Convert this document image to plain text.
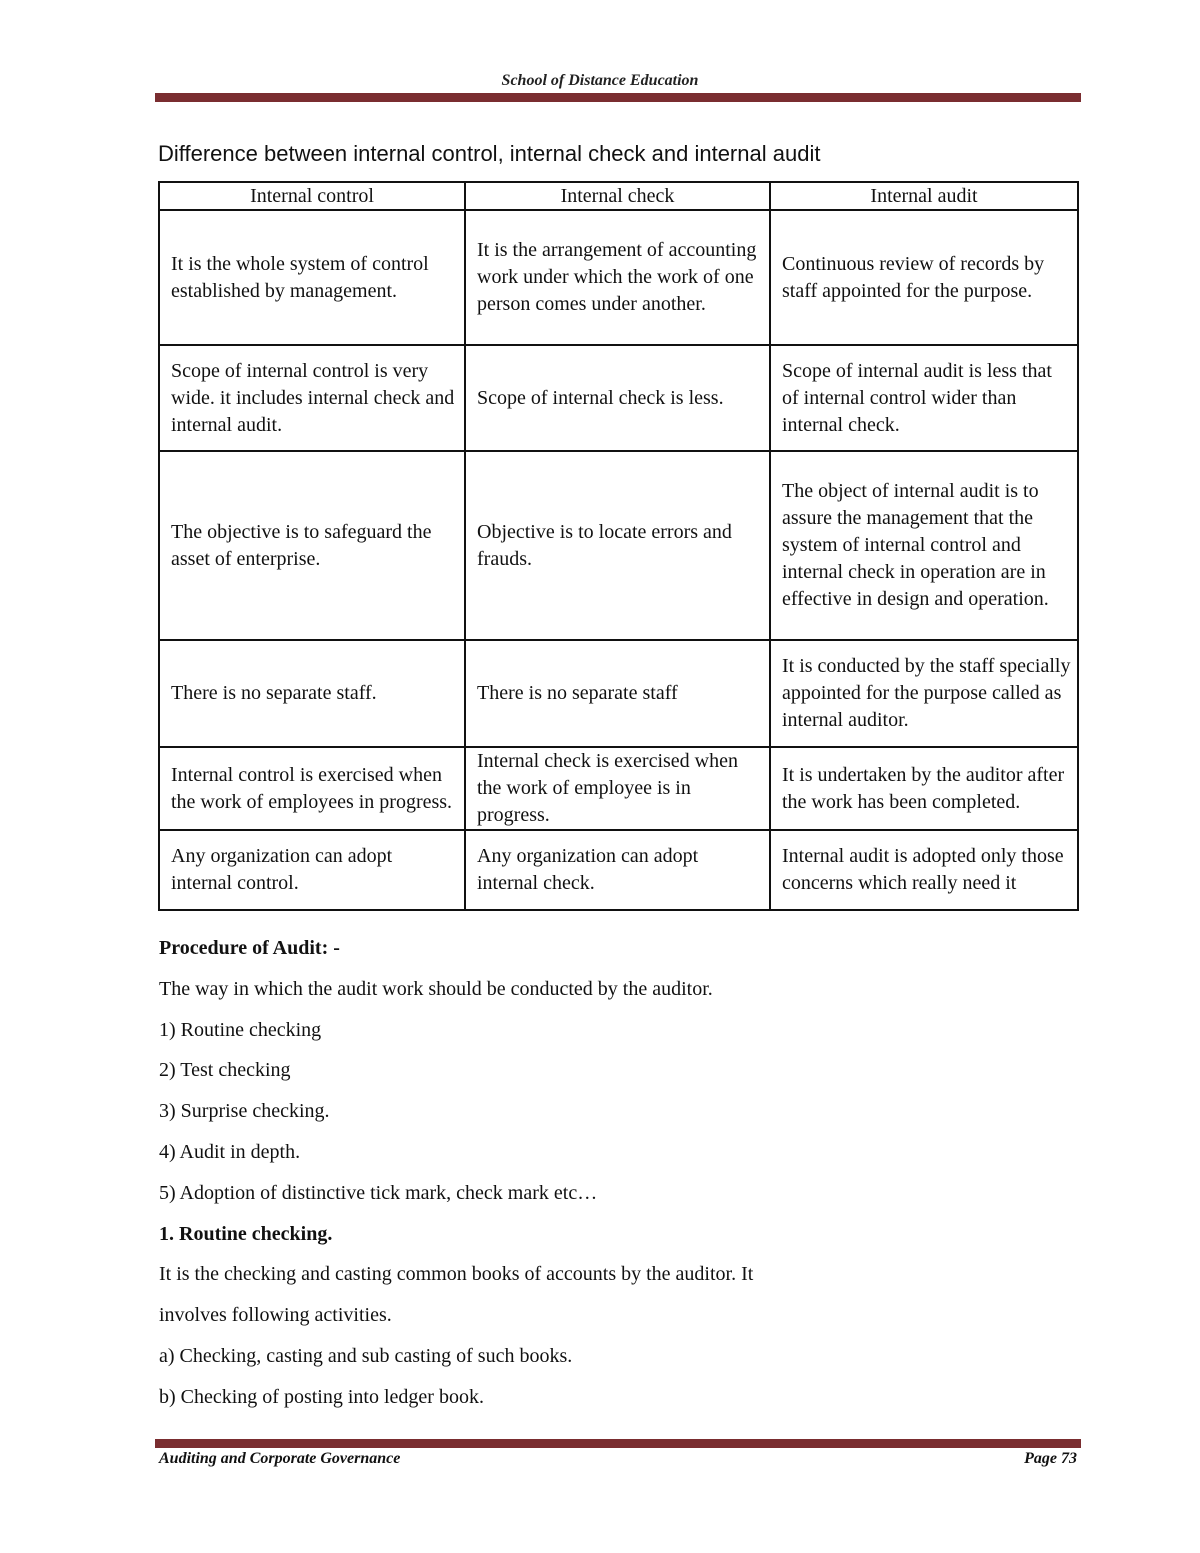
School of Distance Education
Difference between internal control, internal check and internal audit
Internal control	Internal check	Internal audit
It is the whole system of control established by management.	It is the arrangement of accounting work under which the work of one person comes under another.	Continuous review of records by staff appointed for the purpose.
Scope of internal control is very wide. it includes internal check and internal audit.	Scope of internal check is less.	Scope of internal audit is less that of internal control wider than internal check.
The objective is to safeguard the asset of enterprise.	Objective is to locate errors and frauds.	The object of internal audit is to assure the management that the system of internal control and internal check in operation are in effective in design and operation.
There is no separate staff.	There is no separate staff	It is conducted by the staff specially appointed for the purpose called as internal auditor.
Internal control is exercised when the work of employees in progress.	Internal check is exercised when the work of employee is in progress.	It is undertaken by the auditor after the work has been completed.
Any organization can adopt internal control.	Any organization can adopt internal check.	Internal audit is adopted only those concerns which really need it

Procedure of Audit: -

The way in which the audit work should be conducted by the auditor.

1) Routine checking

2) Test checking

3) Surprise checking.

4) Audit in depth.

5) Adoption of distinctive tick mark, check mark etc…

1. Routine checking.

It is the checking and casting common books of accounts by the auditor. It

involves following activities.

a) Checking, casting and sub casting of such books.

b) Checking of posting into ledger book.

Auditing and Corporate Governance	Page 73
